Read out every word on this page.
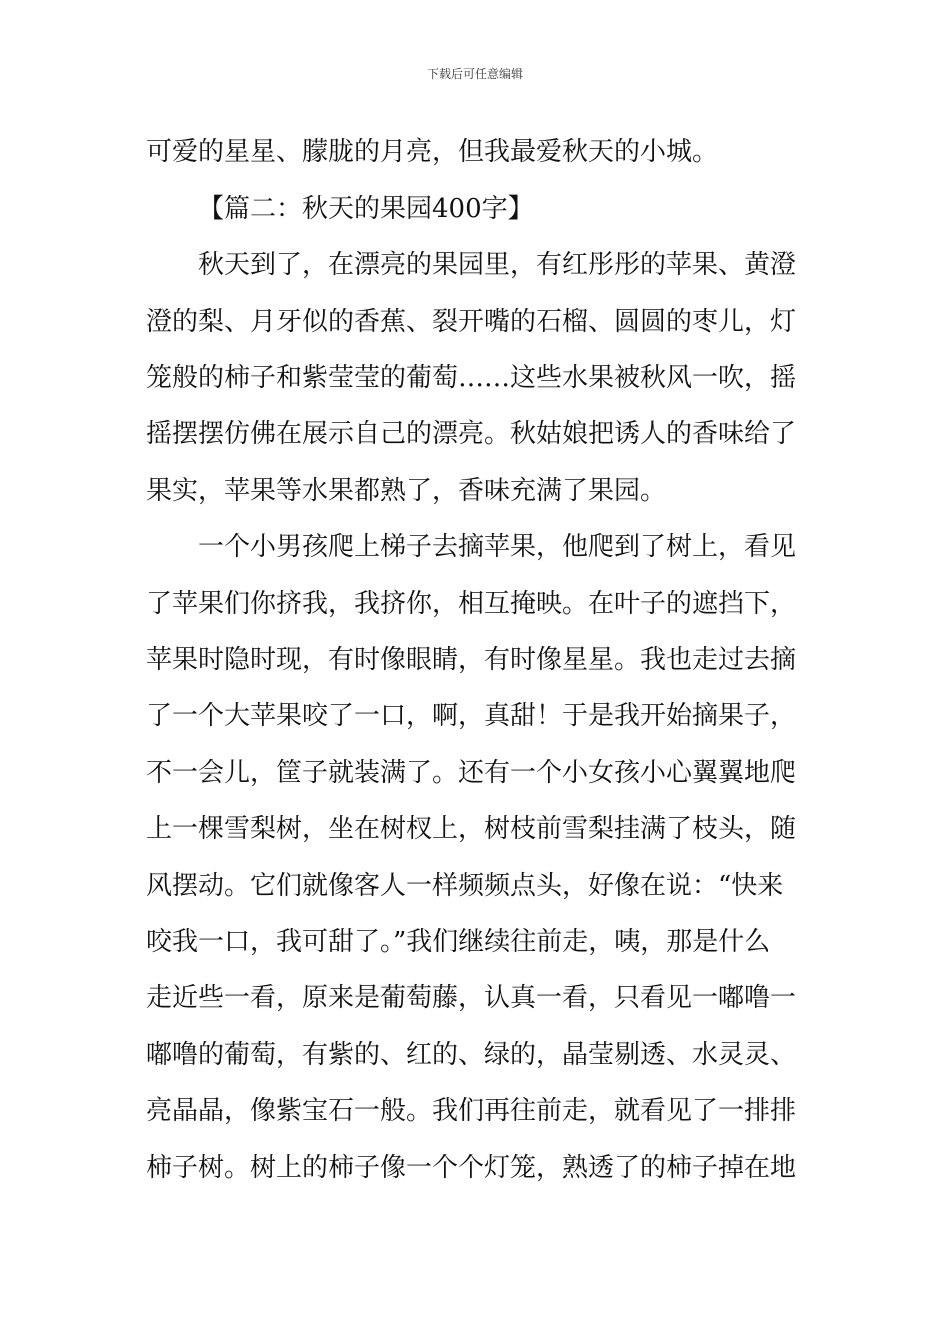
下载后可任意编辑
可爱的星星、朦胧的月亮，但我最爱秋天的小城。
【篇二：秋天的果园400字】
秋天到了，在漂亮的果园里，有红彤彤的苹果、黄澄
澄的梨、月牙似的香蕉、裂开嘴的石榴、圆圆的枣儿，灯
笼般的柿子和紫莹莹的葡萄……这些水果被秋风一吹，摇
摇摆摆仿佛在展示自己的漂亮。秋姑娘把诱人的香味给了
果实，苹果等水果都熟了，香味充满了果园。
一个小男孩爬上梯子去摘苹果，他爬到了树上，看见
了苹果们你挤我，我挤你，相互掩映。在叶子的遮挡下，
苹果时隐时现，有时像眼睛，有时像星星。我也走过去摘
了一个大苹果咬了一口，啊，真甜！于是我开始摘果子，
不一会儿，筐子就装满了。还有一个小女孩小心翼翼地爬
上一棵雪梨树，坐在树杈上，树枝前雪梨挂满了枝头，随
风摆动。它们就像客人一样频频点头，好像在说：“快来
咬我一口，我可甜了。”我们继续往前走，咦，那是什么
走近些一看，原来是葡萄藤，认真一看，只看见一嘟噜一
嘟噜的葡萄，有紫的、红的、绿的，晶莹剔透、水灵灵、
亮晶晶，像紫宝石一般。我们再往前走，就看见了一排排
柿子树。树上的柿子像一个个灯笼，熟透了的柿子掉在地
